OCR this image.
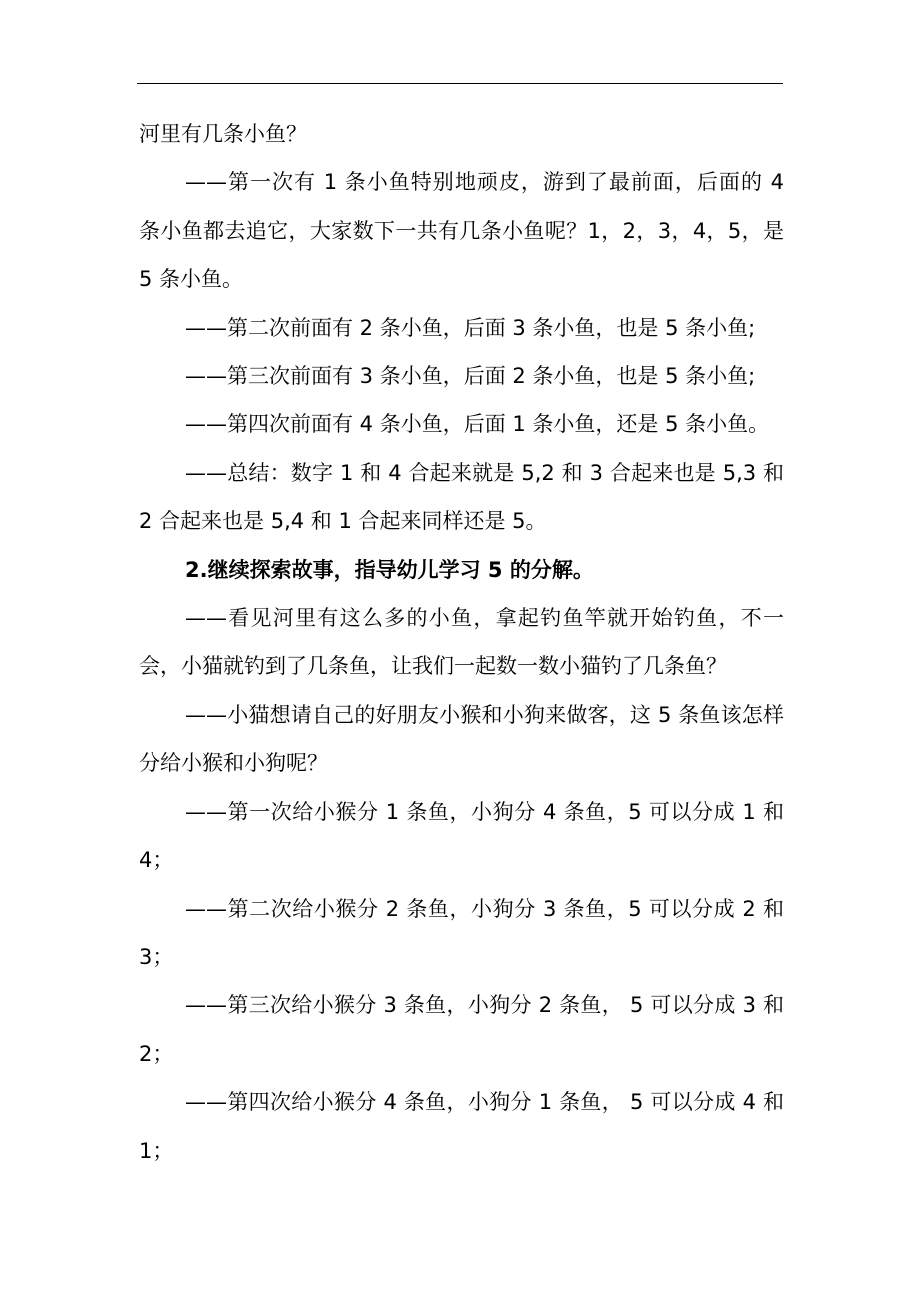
河里有几条小鱼？

——第一次有 1 条小鱼特别地顽皮，游到了最前面，后面的 4 条小鱼都去追它，大家数下一共有几条小鱼呢？1，2，3，4，5，是 5 条小鱼。

——第二次前面有 2 条小鱼，后面 3 条小鱼，也是 5 条小鱼;

——第三次前面有 3 条小鱼，后面 2 条小鱼，也是 5 条小鱼;

——第四次前面有 4 条小鱼，后面 1 条小鱼，还是 5 条小鱼。

——总结：数字 1 和 4 合起来就是 5,2 和 3 合起来也是 5,3 和 2 合起来也是 5,4 和 1 合起来同样还是 5。

2.继续探索故事，指导幼儿学习 5 的分解。

——看见河里有这么多的小鱼，拿起钓鱼竿就开始钓鱼，不一会，小猫就钓到了几条鱼，让我们一起数一数小猫钓了几条鱼？

——小猫想请自己的好朋友小猴和小狗来做客，这 5 条鱼该怎样分给小猴和小狗呢？

——第一次给小猴分 1 条鱼，小狗分 4 条鱼，5 可以分成 1 和 4；

——第二次给小猴分 2 条鱼，小狗分 3 条鱼，5 可以分成 2 和 3；

——第三次给小猴分 3 条鱼，小狗分 2 条鱼， 5 可以分成 3 和 2；

——第四次给小猴分 4 条鱼，小狗分 1 条鱼， 5 可以分成 4 和 1；
